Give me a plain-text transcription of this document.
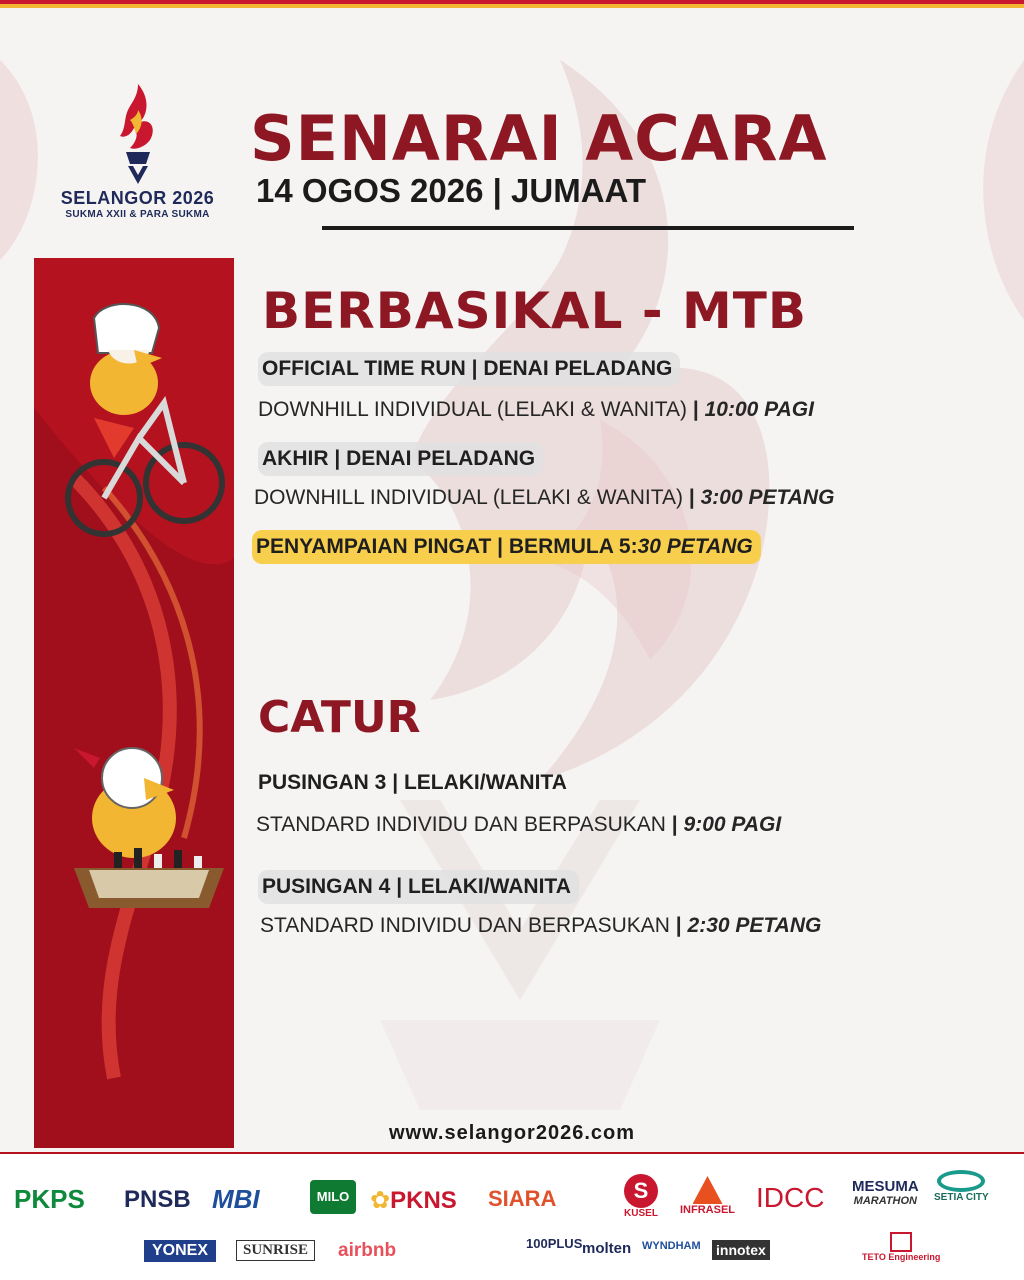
SELANGOR 2026
SUKMA XXII & PARA SUKMA
SENARAI ACARA
14 OGOS 2026 | JUMAAT
BERBASIKAL - MTB
OFFICIAL TIME RUN | DENAI PELADANG
DOWNHILL INDIVIDUAL (LELAKI & WANITA) | 10:00 PAGI
AKHIR | DENAI PELADANG
DOWNHILL INDIVIDUAL (LELAKI & WANITA) | 3:00 PETANG
PENYAMPAIAN PINGAT | BERMULA 5:30 PETANG
CATUR
PUSINGAN 3 | LELAKI/WANITA
STANDARD INDIVIDU DAN BERPASUKAN | 9:00 PAGI
PUSINGAN 4 | LELAKI/WANITA
STANDARD INDIVIDU DAN BERPASUKAN | 2:30 PETANG
www.selangor2026.com
PKPS PNSB MBI	MILO ✿PKNS SIARA	S
KUSEL INFRASEL IDCC MESUMA
MARATHON SETIA CITY
YONEX	SUNRISE	airbnb	100PLUS molten WYNDHAM innotex	TETO Engineering
